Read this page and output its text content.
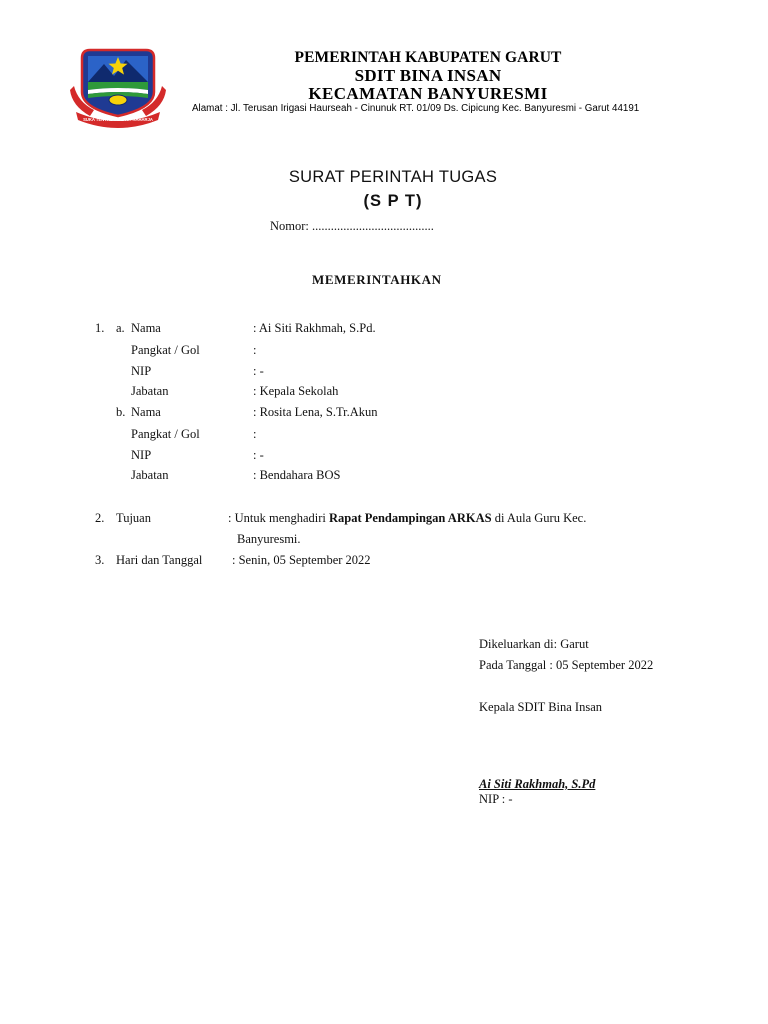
SUKA TENTREM KERTA RAHARJA
PEMERINTAH KABUPATEN GARUT
SDIT BINA INSAN
KECAMATAN BANYURESMI
Alamat : Jl. Terusan Irigasi Haurseah - Cinunuk RT. 01/09 Ds. Cipicung Kec. Banyuresmi - Garut 44191
SURAT PERINTAH TUGAS
(S P T)
Nomor: .......................................
MEMERINTAHKAN
1. a. Nama	: Ai Siti Rakhmah, S.Pd.
Pangkat / Gol	:
NIP	: -
Jabatan	: Kepala Sekolah
b. Nama	: Rosita Lena, S.Tr.Akun
Pangkat / Gol	:
NIP	: -
Jabatan	: Bendahara BOS
2. Tujuan	: Untuk menghadiri Rapat Pendampingan ARKAS di Aula Guru Kec.
Banyuresmi.
3. Hari dan Tanggal : Senin, 05 September 2022
Dikeluarkan di: Garut
Pada Tanggal : 05 September 2022
Kepala SDIT Bina Insan
Ai Siti Rakhmah, S.Pd
NIP : -
